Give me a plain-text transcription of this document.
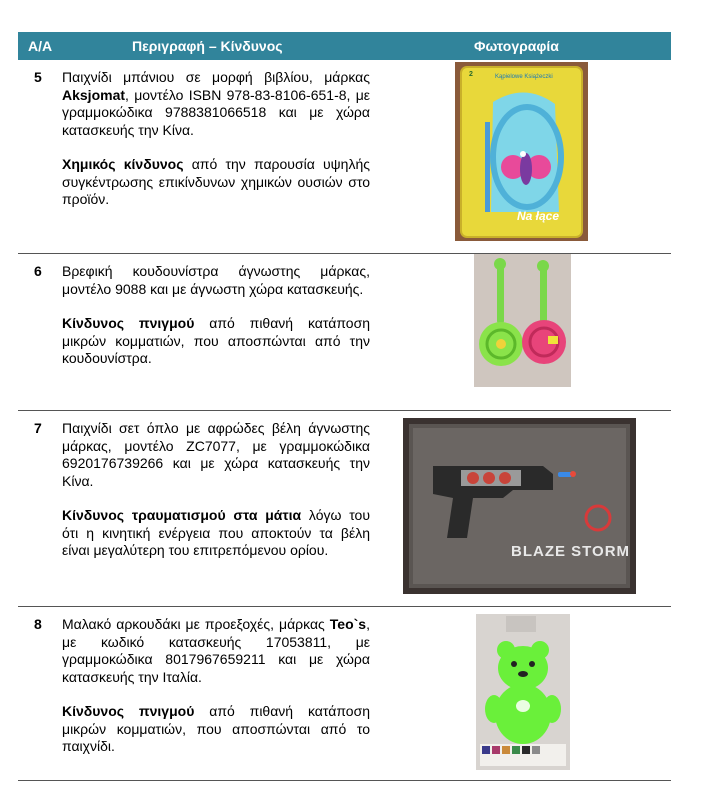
Α/Α	Περιγραφή – Κίνδυνος	Φωτογραφία
5 Παιχνίδι μπάνιου σε μορφή βιβλίου, μάρκας Aksjomat, μοντέλο ISBN 978-83-8106-651-8, με γραμμοκώδικα 9788381066518 και με χώρα κατασκευής την Κίνα.

Χημικός κίνδυνος από την παρουσία υψηλής συγκέντρωσης επικίνδυνων χημικών ουσιών στο προϊόν.

2	Kąpielowe Książeczki
Na łące
6 Βρεφική κουδουνίστρα άγνωστης μάρκας, μοντέλο 9088 και με άγνωστη χώρα κατασκευής.

Κίνδυνος πνιγμού από πιθανή κατάποση μικρών κομματιών, που αποσπώνται από την κουδουνίστρα.

7 Παιχνίδι σετ όπλο με αφρώδες βέλη άγνωστης μάρκας, μοντέλο ZC7077, με γραμμοκώδικα 6920176739266 και με χώρα κατασκευής την Κίνα.

Κίνδυνος τραυματισμού στα μάτια λόγω του ότι η κινητική ενέργεια που αποκτούν τα βέλη είναι μεγαλύτερη του επιτρεπόμενου ορίου.	BLAZE STORM
8 Μαλακό αρκουδάκι με προεξοχές, μάρκας Teo`s, με κωδικό κατασκευής 17053811, με γραμμοκώδικα 8017967659211 και με χώρα κατασκευής την Ιταλία.

Κίνδυνος πνιγμού από πιθανή κατάποση μικρών κομματιών, που αποσπώνται από το παιχνίδι.
